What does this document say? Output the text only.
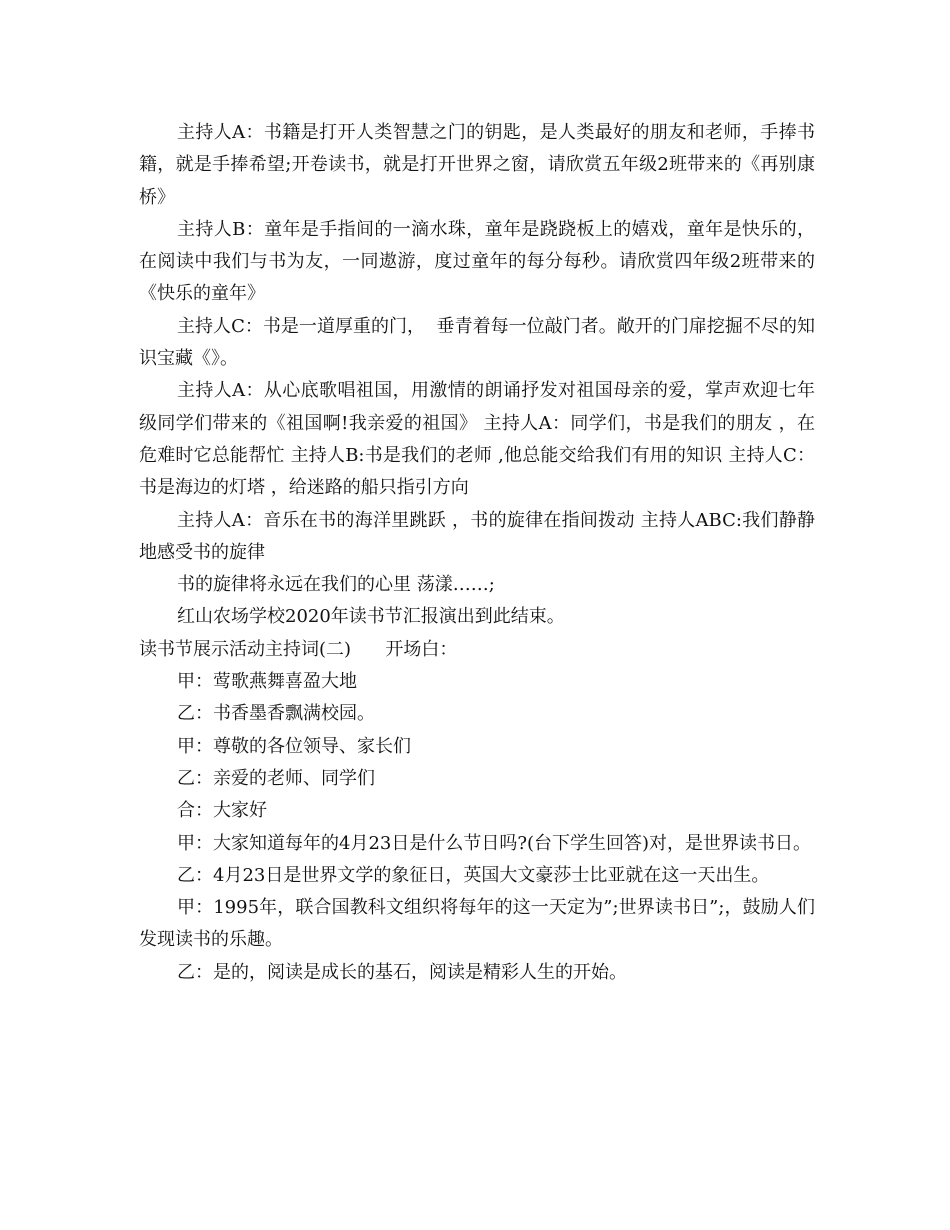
主持人A：书籍是打开人类智慧之门的钥匙，是人类最好的朋友和老师，手捧书籍，就是手捧希望;开卷读书，就是打开世界之窗，请欣赏五年级2班带来的《再别康桥》

主持人B：童年是手指间的一滴水珠，童年是跷跷板上的嬉戏，童年是快乐的，在阅读中我们与书为友，一同遨游，度过童年的每分每秒。请欣赏四年级2班带来的《快乐的童年》

主持人C：书是一道厚重的门，  垂青着每一位敲门者。敞开的门扉挖掘不尽的知识宝藏《》。

主持人A：从心底歌唱祖国，用激情的朗诵抒发对祖国母亲的爱，掌声欢迎七年级同学们带来的《祖国啊!我亲爱的祖国》 主持人A：同学们，书是我们的朋友 ，在危难时它总能帮忙 主持人B:书是我们的老师 ,他总能交给我们有用的知识 主持人C：书是海边的灯塔 ，给迷路的船只指引方向

主持人A：音乐在书的海洋里跳跃 ，书的旋律在指间拨动 主持人ABC:我们静静地感受书的旋律

书的旋律将永远在我们的心里 荡漾……;

红山农场学校2020年读书节汇报演出到此结束。

读书节展示活动主持词(二)      开场白：

甲：莺歌燕舞喜盈大地

乙：书香墨香飘满校园。

甲：尊敬的各位领导、家长们

乙：亲爱的老师、同学们

合：大家好

甲：大家知道每年的4月23日是什么节日吗?(台下学生回答)对，是世界读书日。

乙：4月23日是世界文学的象征日，英国大文豪莎士比亚就在这一天出生。

甲：1995年，联合国教科文组织将每年的这一天定为”;世界读书日”;，鼓励人们发现读书的乐趣。

乙：是的，阅读是成长的基石，阅读是精彩人生的开始。
